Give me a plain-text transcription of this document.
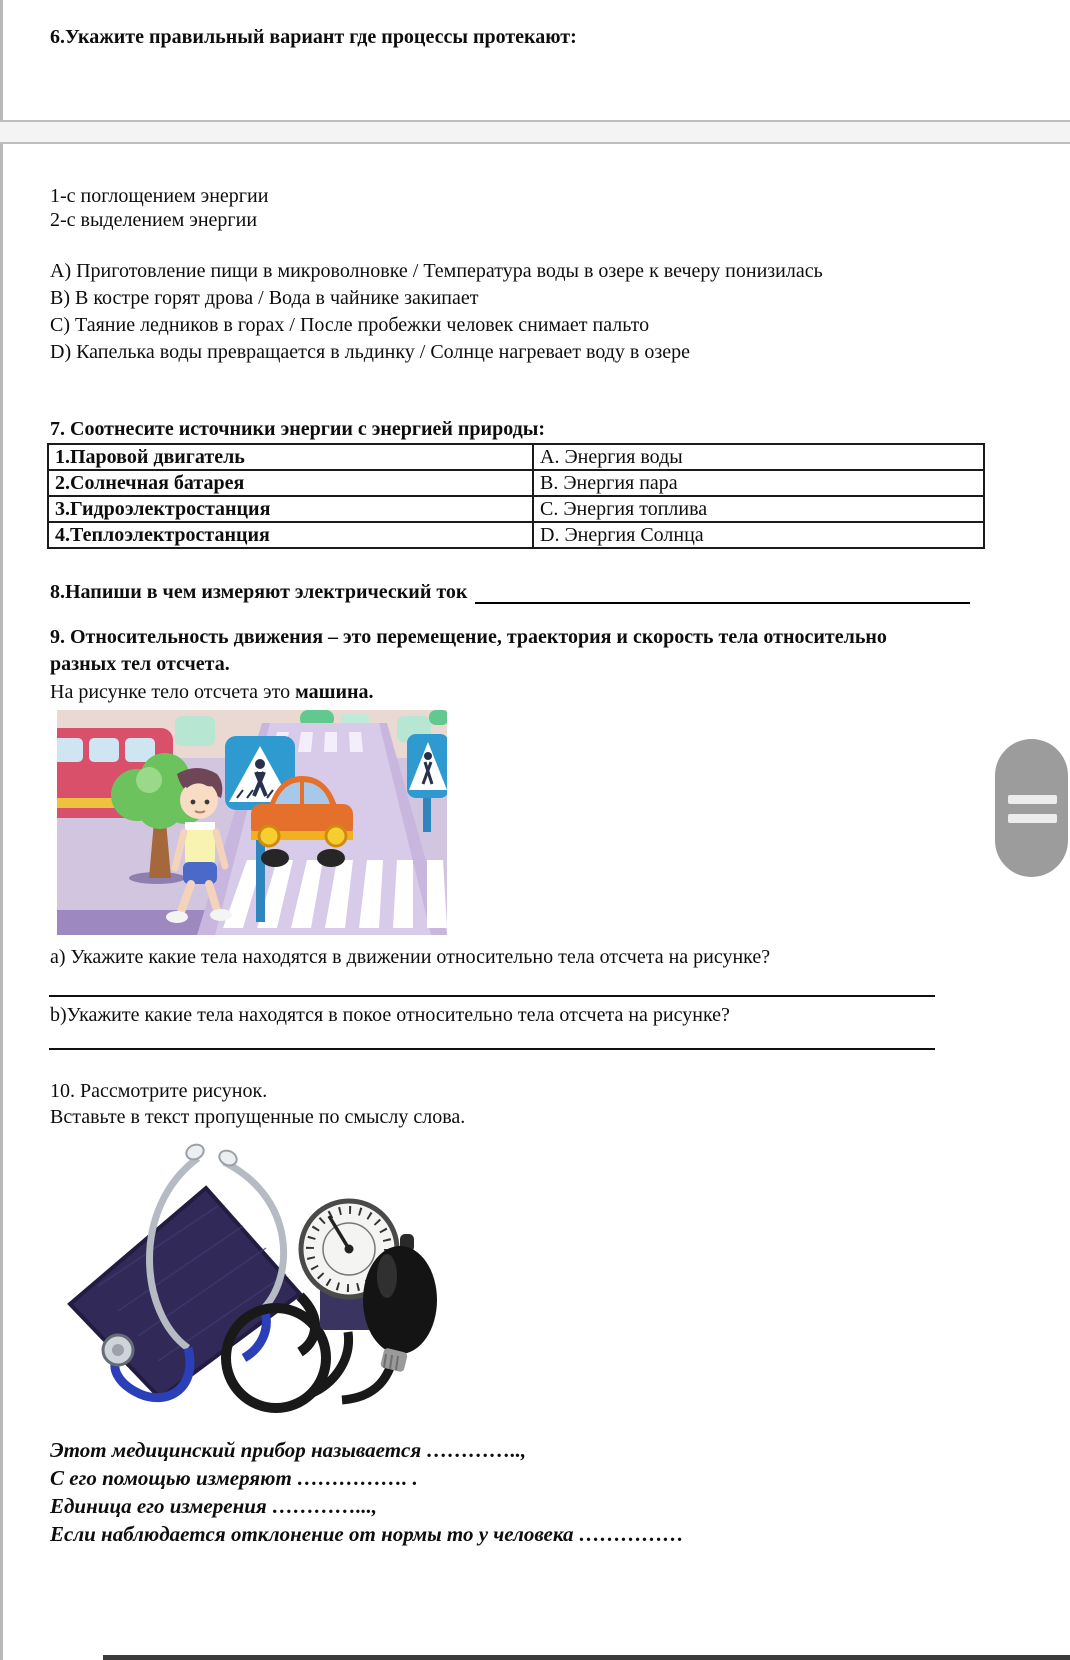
6.Укажите правильный вариант где процессы протекают:
1-с поглощением энергии
2-с выделением энергии
A) Приготовление пищи в микроволновке / Температура воды в озере к вечеру понизилась
B) В костре горят дрова / Вода в чайнике закипает
C) Таяние ледников в горах / После пробежки человек снимает пальто
D) Капелька воды превращается в льдинку / Солнце нагревает воду в озере
7. Соотнесите источники энергии с энергией природы:
1.Паровой двигатель	A. Энергия воды
2.Солнечная батарея	B. Энергия пара
3.Гидроэлектростанция	C. Энергия топлива
4.Теплоэлектростанция	D. Энергия Солнца
8.Напиши в чем измеряют электрический ток
9. Относительность движения – это перемещение, траектория и скорость тела относительно
разных тел отсчета.
На рисунке тело отсчета это машина.
a) Укажите какие тела находятся в движении относительно тела отсчета на рисунке?
b)Укажите какие тела находятся в покое относительно тела отсчета на рисунке?
10. Рассмотрите рисунок.
Вставьте в текст пропущенные по смыслу слова.
Этот медицинский прибор называется …………..,
С его помощью измеряют ……………. .
Единица его измерения …………...,
Если наблюдается отклонение от нормы то у человека ……………
